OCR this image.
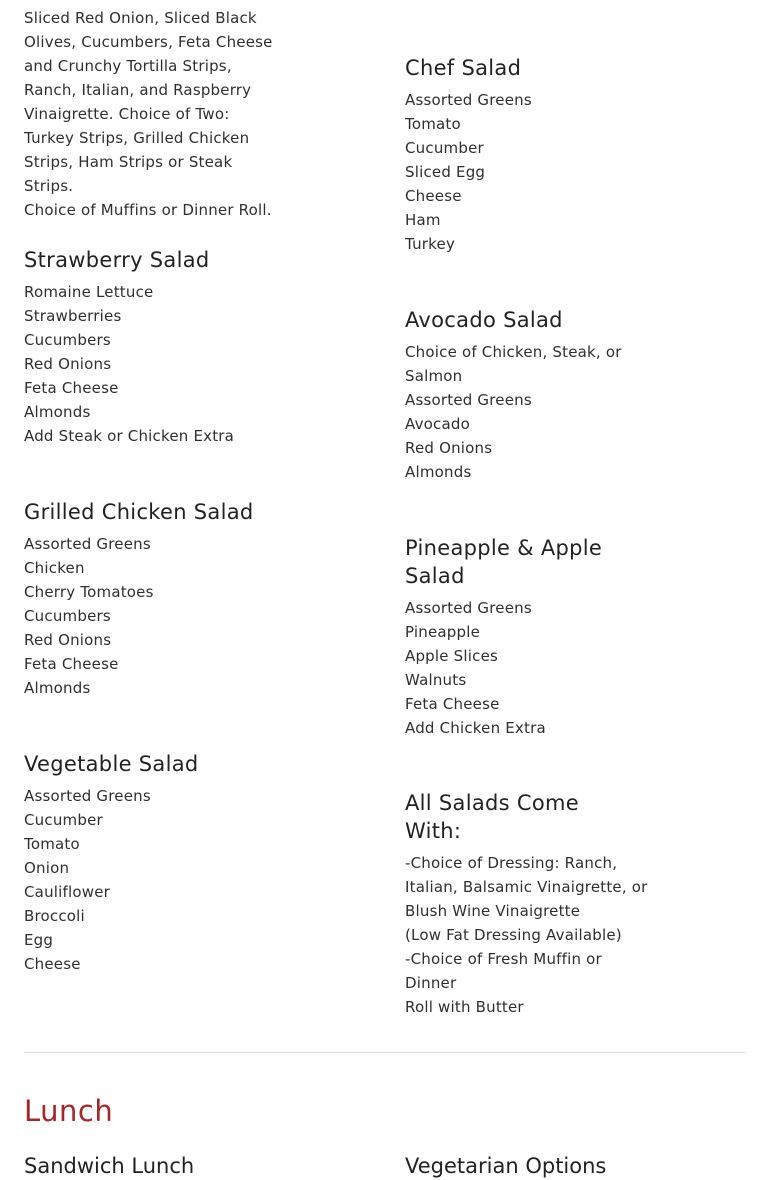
Sliced Red Onion, Sliced Black
Olives, Cucumbers, Feta Cheese
and Crunchy Tortilla Strips,
Ranch, Italian, and Raspberry
Vinaigrette. Choice of Two:
Turkey Strips, Grilled Chicken
Strips, Ham Strips or Steak Strips.
Choice of Muffins or Dinner Roll.
Strawberry Salad
Romaine Lettuce
Strawberries
Cucumbers
Red Onions
Feta Cheese
Almonds
Add Steak or Chicken Extra
Grilled Chicken Salad
Assorted Greens
Chicken
Cherry Tomatoes
Cucumbers
Red Onions
Feta Cheese
Almonds
Vegetable Salad
Assorted Greens
Cucumber
Tomato
Onion
Cauliflower
Broccoli
Egg
Cheese
Chef Salad
Assorted Greens
Tomato
Cucumber
Sliced Egg
Cheese
Ham
Turkey
Avocado Salad
Choice of Chicken, Steak, or
Salmon
Assorted Greens
Avocado
Red Onions
Almonds
Pineapple & Apple
Salad
Assorted Greens
Pineapple
Apple Slices
Walnuts
Feta Cheese
Add Chicken Extra
All Salads Come
With:
-Choice of Dressing: Ranch,
Italian, Balsamic Vinaigrette, or
Blush Wine Vinaigrette
(Low Fat Dressing Available)
-Choice of Fresh Muffin or Dinner
Roll with Butter
Lunch
Sandwich Lunch	Vegetarian Options
